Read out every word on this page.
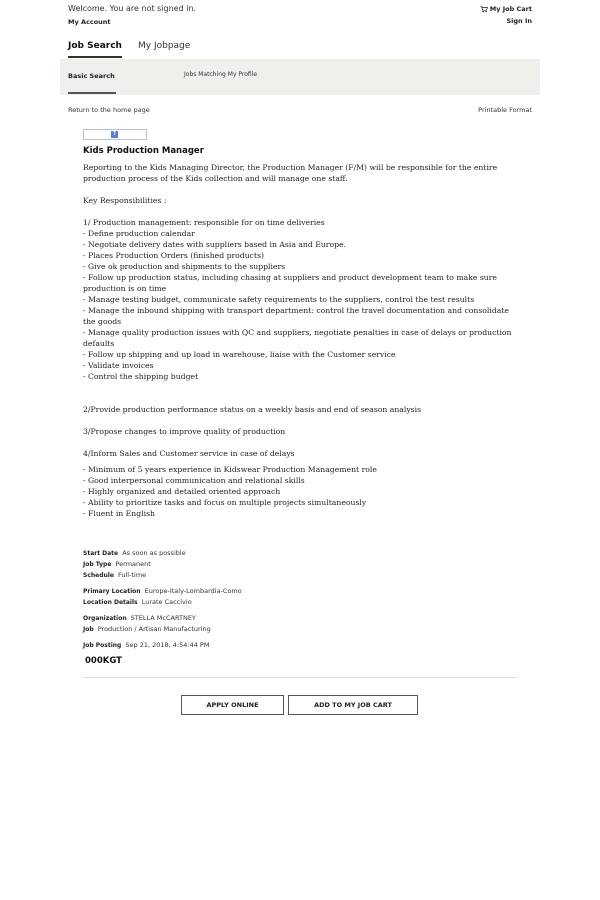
Welcome. You are not signed in.
My Account
My Job Cart
Sign In
Job Search My Jobpage
Basic Search	Jobs Matching My Profile
Return to the home page	Printable Format
?
Kids Production Manager

Reporting to the Kids Managing Director, the Production Manager (F/M) will be responsible for the entire production process of the Kids collection and will manage one staff.

Key Responsibilities :

1/ Production management: responsible for on time deliveries

- Define production calendar

- Negotiate delivery dates with suppliers based in Asia and Europe.

- Places Production Orders (finished products)

- Give ok production and shipments to the suppliers

- Follow up production status, including chasing at suppliers and product development team to make sure production is on time

- Manage testing budget, communicate safety requirements to the suppliers, control the test results

- Manage the inbound shipping with transport department: control the travel documentation and consolidate the goods

- Manage quality production issues with QC and suppliers, negotiate penalties in case of delays or production defaults

- Follow up shipping and up load in warehouse, liaise with the Customer service

- Validate invoices

- Control the shipping budget

2/Provide production performance status on a weekly basis and end of season analysis

3/Propose changes to improve quality of production

4/Inform Sales and Customer service in case of delays

- Minimum of 5 years experience in Kidswear Production Management role

- Good interpersonal communication and relational skills

- Highly organized and detailed oriented approach

- Ability to prioritize tasks and focus on multiple projects simultaneously

- Fluent in English

Start Date As soon as possible
Job Type Permanent
Schedule Full-time
Primary Location Europe-Italy-Lombardia-Como
Location Details Lurate Caccivio
Organization STELLA McCARTNEY
Job Production / Artisan Manufacturing
Job Posting Sep 21, 2018, 4:54:44 PM
000KGT
APPLY ONLINE	ADD TO MY JOB CART
